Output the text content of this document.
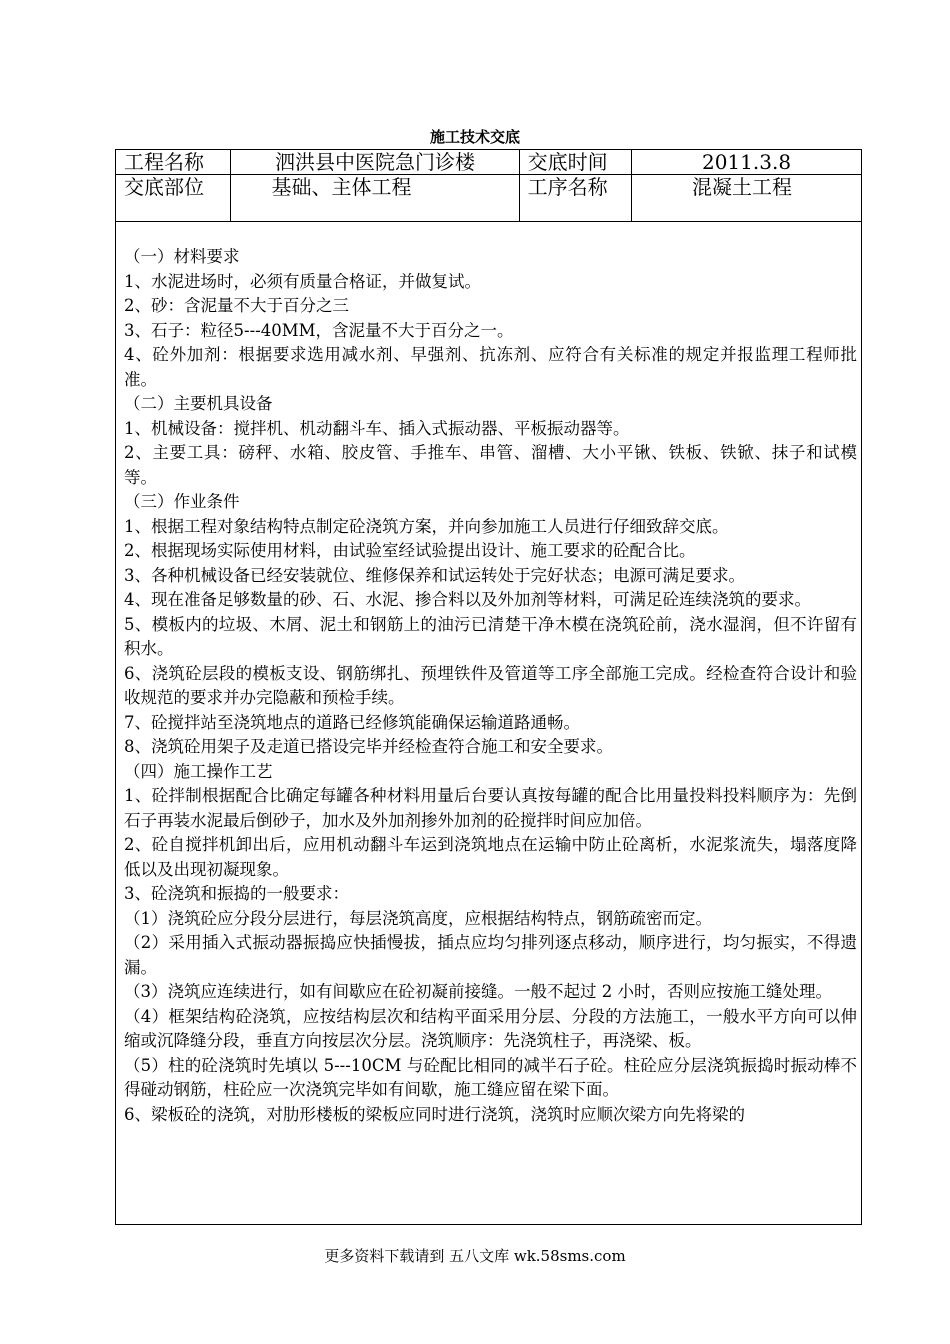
施工技术交底
工程名称	泗洪县中医院急门诊楼	交底时间	2011.3.8
交底部位	基础、主体工程	工序名称	混凝土工程

（一）材料要求

1、水泥进场时，必须有质量合格证，并做复试。

2、砂：含泥量不大于百分之三

3、石子：粒径5---40MM，含泥量不大于百分之一。

4、砼外加剂：根据要求选用减水剂、早强剂、抗冻剂、应符合有关标准的规定并报监理工程师批准。

（二）主要机具设备

1、机械设备：搅拌机、机动翻斗车、插入式振动器、平板振动器等。

2、主要工具：磅秤、水箱、胶皮管、手推车、串管、溜槽、大小平锹、铁板、铁锨、抹子和试模等。

（三）作业条件

1、根据工程对象结构特点制定砼浇筑方案，并向参加施工人员进行仔细致辞交底。

2、根据现场实际使用材料，由试验室经试验提出设计、施工要求的砼配合比。

3、各种机械设备已经安装就位、维修保养和试运转处于完好状态；电源可满足要求。

4、现在准备足够数量的砂、石、水泥、掺合料以及外加剂等材料，可满足砼连续浇筑的要求。

5、模板内的垃圾、木屑、泥土和钢筋上的油污已清楚干净木模在浇筑砼前，浇水湿润，但不许留有积水。

6、浇筑砼层段的模板支设、钢筋绑扎、预埋铁件及管道等工序全部施工完成。经检查符合设计和验收规范的要求并办完隐蔽和预检手续。

7、砼搅拌站至浇筑地点的道路已经修筑能确保运输道路通畅。

8、浇筑砼用架子及走道已搭设完毕并经检查符合施工和安全要求。

（四）施工操作工艺

1、砼拌制根据配合比确定每罐各种材料用量后台要认真按每罐的配合比用量投料投料顺序为：先倒石子再装水泥最后倒砂子，加水及外加剂掺外加剂的砼搅拌时间应加倍。

2、砼自搅拌机卸出后，应用机动翻斗车运到浇筑地点在运输中防止砼离析，水泥浆流失，塌落度降低以及出现初凝现象。

3、砼浇筑和振捣的一般要求：

（1）浇筑砼应分段分层进行，每层浇筑高度，应根据结构特点，钢筋疏密而定。

（2）采用插入式振动器振捣应快插慢拔，插点应均匀排列逐点移动，顺序进行，均匀振实，不得遗漏。

（3）浇筑应连续进行，如有间歇应在砼初凝前接缝。一般不起过 2 小时，否则应按施工缝处理。

（4）框架结构砼浇筑，应按结构层次和结构平面采用分层、分段的方法施工，一般水平方向可以伸缩或沉降缝分段，垂直方向按层次分层。浇筑顺序：先浇筑柱子，再浇梁、板。

（5）柱的砼浇筑时先填以 5---10CM 与砼配比相同的减半石子砼。柱砼应分层浇筑振捣时振动棒不得碰动钢筋，柱砼应一次浇筑完毕如有间歇，施工缝应留在梁下面。

6、梁板砼的浇筑，对肋形楼板的梁板应同时进行浇筑，浇筑时应顺次梁方向先将梁的

更多资料下载请到 五八文库 wk.58sms.com
